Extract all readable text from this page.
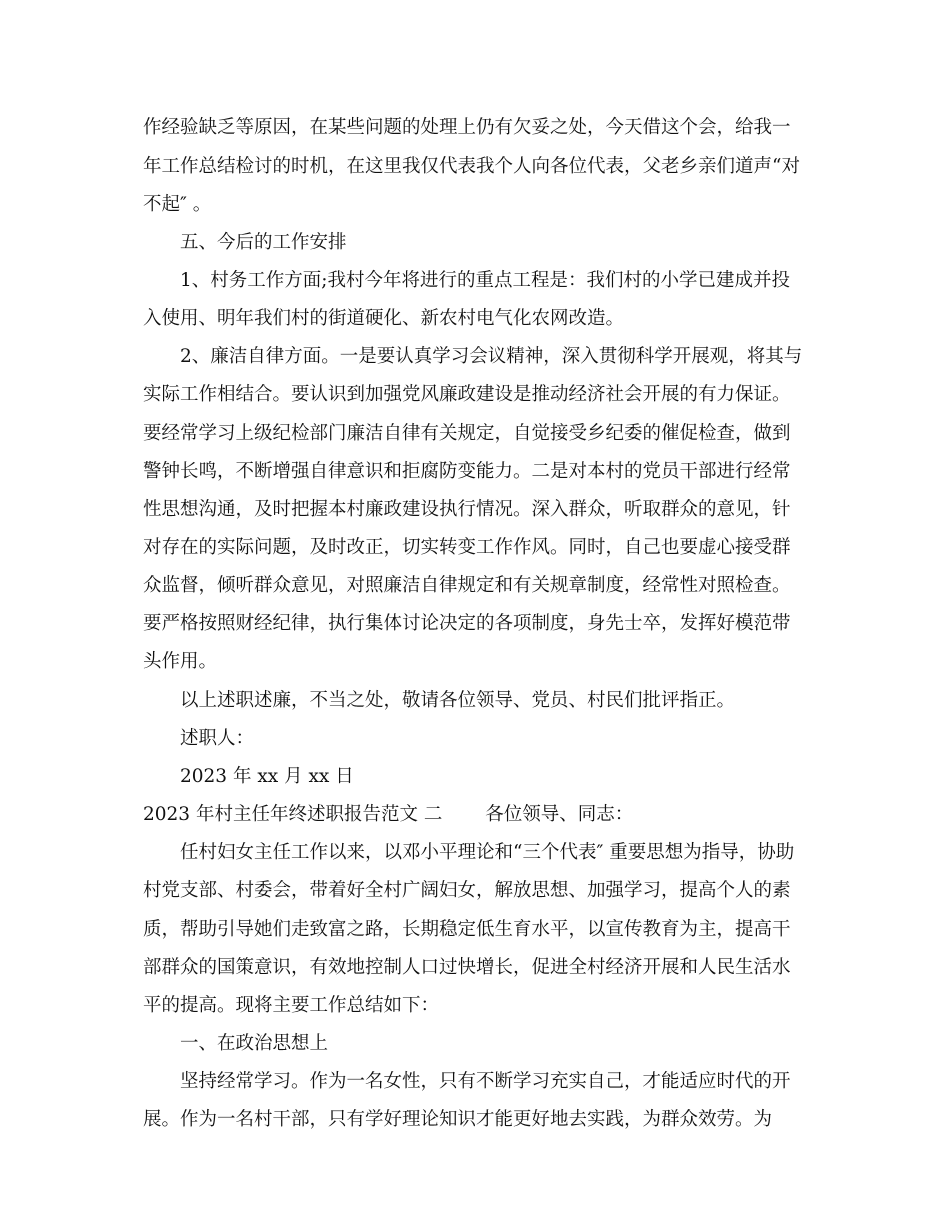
作经验缺乏等原因，在某些问题的处理上仍有欠妥之处，今天借这个会，给我一
年工作总结检讨的时机，在这里我仅代表我个人向各位代表，父老乡亲们道声“对
不起″ 。
五、今后的工作安排
1、村务工作方面;我村今年将进行的重点工程是：我们村的小学已建成并投
入使用、明年我们村的街道硬化、新农村电气化农网改造。
2、廉洁自律方面。一是要认真学习会议精神，深入贯彻科学开展观，将其与
实际工作相结合。要认识到加强党风廉政建设是推动经济社会开展的有力保证。
要经常学习上级纪检部门廉洁自律有关规定，自觉接受乡纪委的催促检查，做到
警钟长鸣，不断增强自律意识和拒腐防变能力。二是对本村的党员干部进行经常
性思想沟通，及时把握本村廉政建设执行情况。深入群众，听取群众的意见，针
对存在的实际问题，及时改正，切实转变工作作风。同时，自己也要虚心接受群
众监督，倾听群众意见，对照廉洁自律规定和有关规章制度，经常性对照检查。
要严格按照财经纪律，执行集体讨论决定的各项制度，身先士卒，发挥好模范带
头作用。
以上述职述廉，不当之处，敬请各位领导、党员、村民们批评指正。
述职人：
2023 年 xx 月 xx 日
2023 年村主任年终述职报告范文 二　　 各位领导、同志：
任村妇女主任工作以来，以邓小平理论和“三个代表″ 重要思想为指导，协助
村党支部、村委会，带着好全村广阔妇女，解放思想、加强学习，提高个人的素
质，帮助引导她们走致富之路，长期稳定低生育水平，以宣传教育为主，提高干
部群众的国策意识，有效地控制人口过快增长，促进全村经济开展和人民生活水
平的提高。现将主要工作总结如下：
一、在政治思想上
坚持经常学习。作为一名女性，只有不断学习充实自己，才能适应时代的开
展。作为一名村干部，只有学好理论知识才能更好地去实践，为群众效劳。为
